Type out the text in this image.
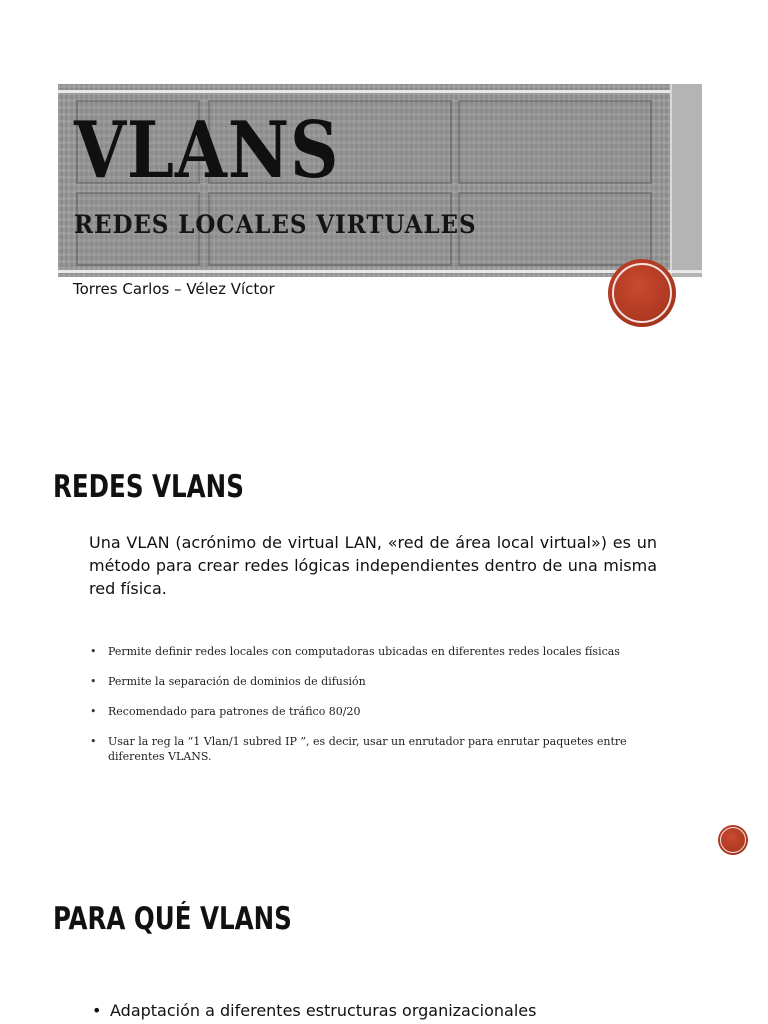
VLANS
REDES LOCALES VIRTUALES

Torres Carlos – Vélez Víctor

REDES VLANS

Una VLAN (acrónimo de virtual LAN, «red de área local virtual») es un método para crear redes lógicas independientes dentro de una misma red física.

• Permite definir redes locales con computadoras ubicadas en diferentes redes locales físicas
• Permite la separación de dominios de difusión
• Recomendado para patrones de tráfico 80/20
• Usar la reg la “1 Vlan/1 subred IP ”, es decir, usar un enrutador para enrutar paquetes entre diferentes VLANS.
PARA QUÉ VLANS
• Adaptación a diferentes estructuras organizacionales
